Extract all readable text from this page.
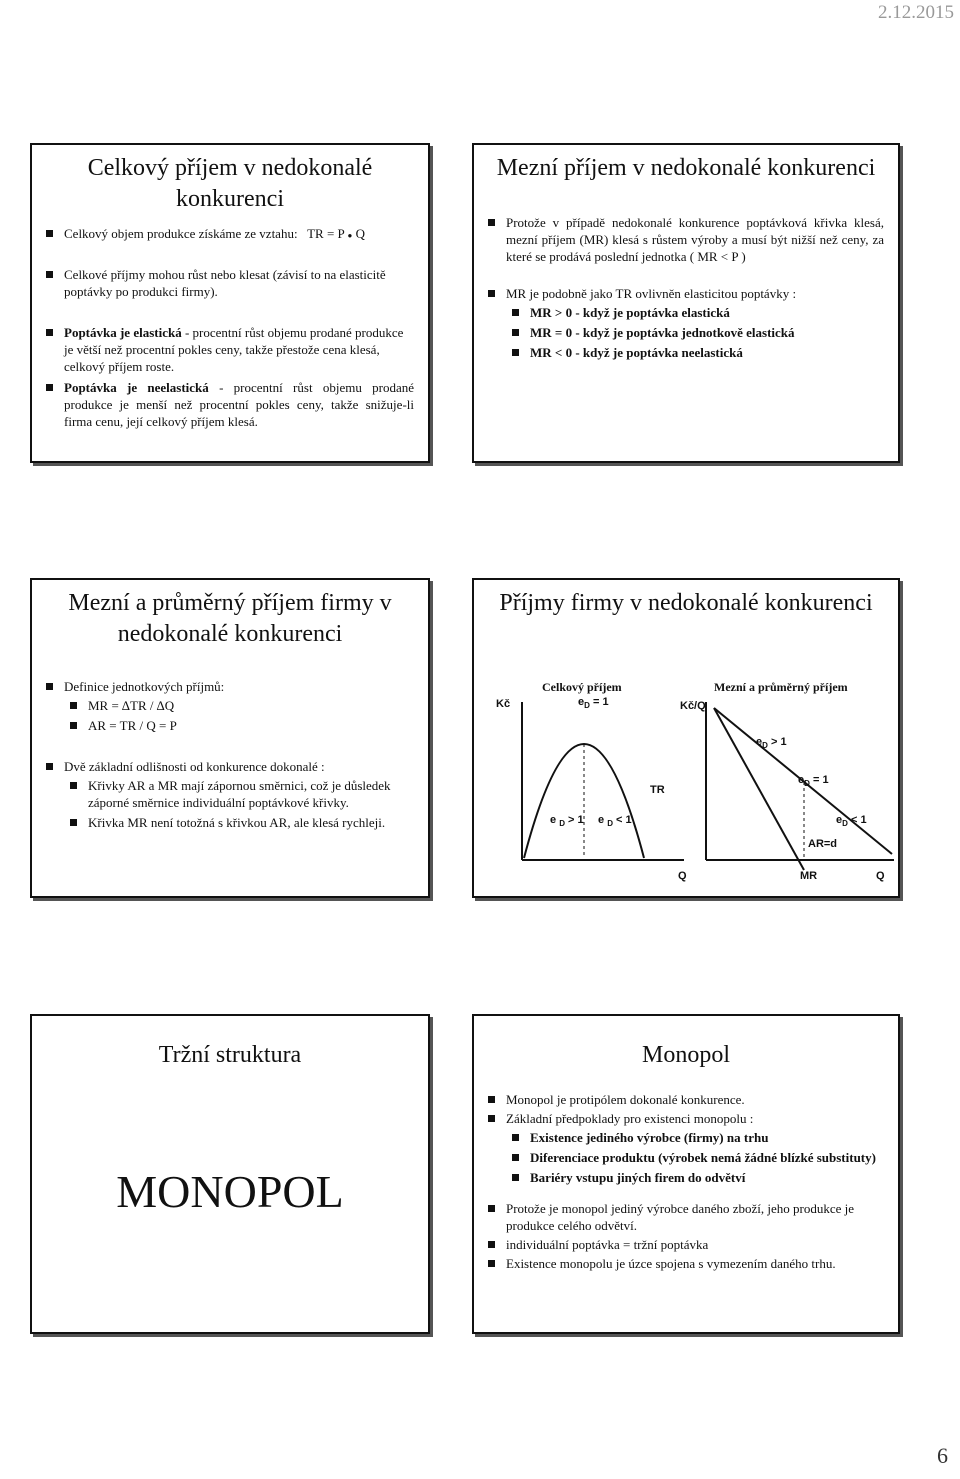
2.12.2015
Celkový příjem v nedokonalé konkurenci
Celkový objem produkce získáme ze vztahu: TR = P ● Q
Celkové příjmy mohou růst nebo klesat (závisí to na elasticitě poptávky po produkci firmy).
Poptávka je elastická - procentní růst objemu prodané produkce je větší než procentní pokles ceny, takže přestože cena klesá, celkový příjem roste.
Poptávka je neelastická - procentní růst objemu prodané produkce je menší než procentní pokles ceny, takže snižuje-li firma cenu, její celkový příjem klesá.
Mezní příjem v nedokonalé konkurenci
Protože v případě nedokonalé konkurence poptávková křivka klesá, mezní příjem (MR) klesá s růstem výroby a musí být nižší než ceny, za které se prodává poslední jednotka ( MR < P )
MR je podobně jako TR ovlivněn elasticitou poptávky :
MR > 0 - když je poptávka elastická
MR = 0 - když je poptávka jednotkově elastická
MR < 0 - když je poptávka neelastická
Mezní a průměrný příjem firmy v nedokonalé konkurenci
Definice jednotkových příjmů:
MR = ∆TR / ∆Q
AR = TR / Q = P
Dvě základní odlišnosti od konkurence dokonalé :
Křivky AR a MR mají zápornou směrnici, což je důsledek záporné směrnice individuální poptávkové křivky.
Křivka MR není totožná s křivkou AR, ale klesá rychleji.
Příjmy firmy v nedokonalé konkurenci
Celkový příjem
Kč	$e_D = 1$
e $_D$ > 1 e $_D$ < 1
TR
Q
Mezní a průměrný příjem
Kč/Q
$e_D > 1$
$e_D = 1$
$e_D < 1$
AR=d
MR	Q
Tržní struktura
MONOPOL
Monopol
Monopol je protipólem dokonalé konkurence.
Základní předpoklady pro existenci monopolu :
Existence jediného výrobce (firmy) na trhu
Diferenciace produktu (výrobek nemá žádné blízké substituty)
Bariéry vstupu jiných firem do odvětví
Protože je monopol jediný výrobce daného zboží, jeho produkce je produkce celého odvětví.
individuální poptávka = tržní poptávka
Existence monopolu je úzce spojena s vymezením daného trhu.
6
